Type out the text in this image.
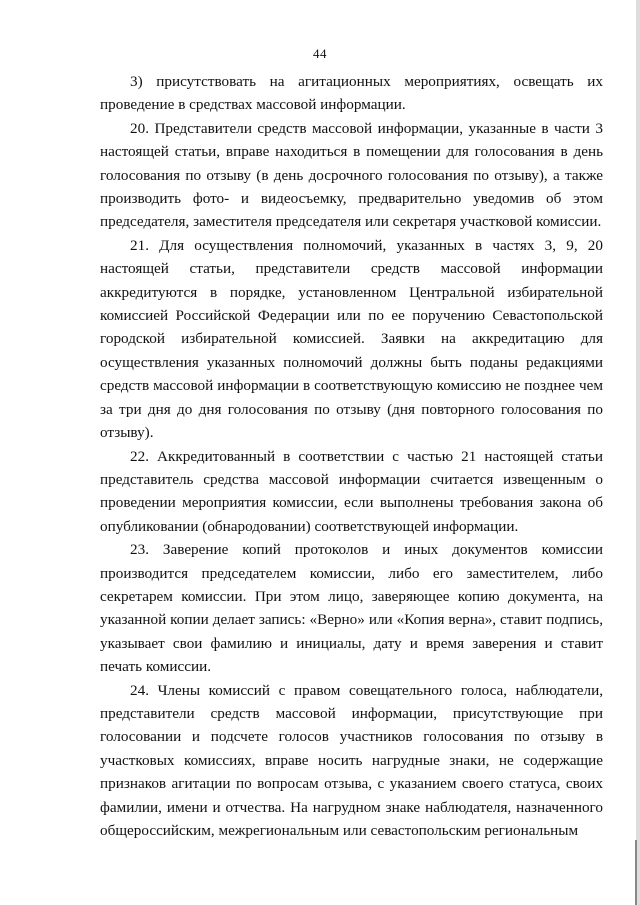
44

3) присутствовать на агитационных мероприятиях, освещать их проведение в средствах массовой информации.

20. Представители средств массовой информации, указанные в части 3 настоящей статьи, вправе находиться в помещении для голосования в день голосования по отзыву (в день досрочного голосования по отзыву), а также производить фото- и видеосъемку, предварительно уведомив об этом председателя, заместителя председателя или секретаря участковой комиссии.

21. Для осуществления полномочий, указанных в частях 3, 9, 20 настоящей статьи, представители средств массовой информации аккредитуются в порядке, установленном Центральной избирательной комиссией Российской Федерации или по ее поручению Севастопольской городской избирательной комиссией. Заявки на аккредитацию для осуществления указанных полномочий должны быть поданы редакциями средств массовой информации в соответствующую комиссию не позднее чем за три дня до дня голосования по отзыву (дня повторного голосования по отзыву).

22. Аккредитованный в соответствии с частью 21 настоящей статьи представитель средства массовой информации считается извещенным о проведении мероприятия комиссии, если выполнены требования закона об опубликовании (обнародовании) соответствующей информации.

23. Заверение копий протоколов и иных документов комиссии производится председателем комиссии, либо его заместителем, либо секретарем комиссии. При этом лицо, заверяющее копию документа, на указанной копии делает запись: «Верно» или «Копия верна», ставит подпись, указывает свои фамилию и инициалы, дату и время заверения и ставит печать комиссии.

24. Члены комиссий с правом совещательного голоса, наблюдатели, представители средств массовой информации, присутствующие при голосовании и подсчете голосов участников голосования по отзыву в участковых комиссиях, вправе носить нагрудные знаки, не содержащие признаков агитации по вопросам отзыва, с указанием своего статуса, своих фамилии, имени и отчества. На нагрудном знаке наблюдателя, назначенного общероссийским, межрегиональным или севастопольским региональным
